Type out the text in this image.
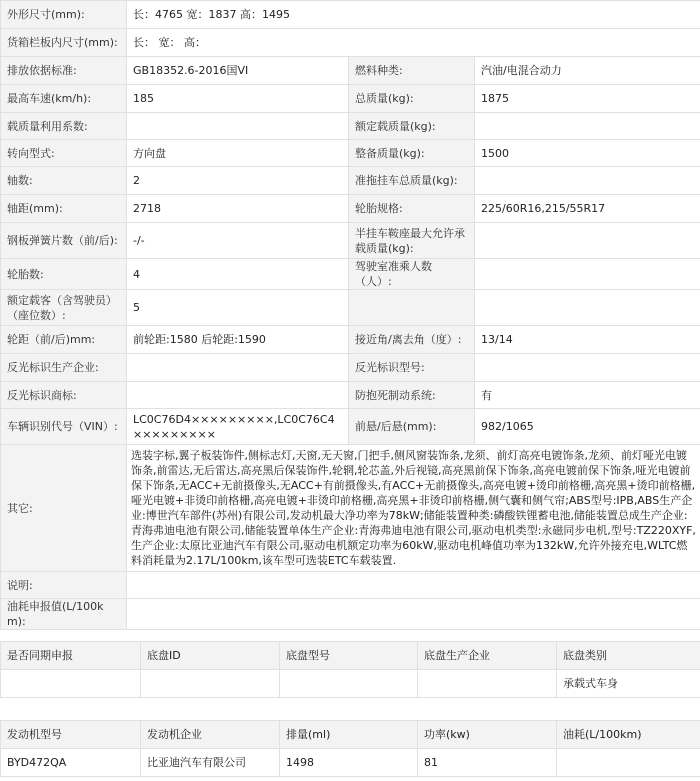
外形尺寸(mm):	长：4765 宽：1837 高：1495		
货箱栏板内尺寸(mm):	长： 宽： 高：		
排放依据标准:	GB18352.6-2016国VI	燃料种类:	汽油/电混合动力
最高车速(km/h):	185	总质量(kg):	1875
载质量利用系数:		额定载质量(kg):	
转向型式:	方向盘	整备质量(kg):	1500
轴数:	2	准拖挂车总质量(kg):	
轴距(mm):	2718	轮胎规格:	225/60R16,215/55R17
钢板弹簧片数（前/后):	-/-	半挂车鞍座最大允许承载质量(kg):	
轮胎数:	4	驾驶室准乘人数（人）:	
额定载客（含驾驶员）（座位数）:	5		
轮距（前/后)mm:	前轮距:1580 后轮距:1590	接近角/离去角（度）:	13/14
反光标识生产企业:		反光标识型号:	
反光标识商标:		防抱死制动系统:	有
车辆识别代号（VIN）:	LC0C76D4×××××××××,LC0C76C4×××××××××	前悬/后悬(mm):	982/1065
其它:	选装字标,翼子板装饰件,侧标志灯,天窗,无天窗,门把手,侧风窗装饰条,龙须、前灯高亮电镀饰条,龙须、前灯哑光电镀饰条,前雷达,无后雷达,高亮黑后保装饰件,轮辋,轮芯盖,外后视镜,高亮黑前保下饰条,高亮电镀前保下饰条,哑光电镀前保下饰条,无ACC+无前摄像头,无ACC+有前摄像头,有ACC+无前摄像头,高亮电镀+烫印前格栅,高亮黑+烫印前格栅,哑光电镀+非烫印前格栅,高亮电镀+非烫印前格栅,高亮黑+非烫印前格栅,侧气囊和侧气帘;ABS型号:IPB,ABS生产企业:博世汽车部件(苏州)有限公司,发动机最大净功率为78kW;储能装置种类:磷酸铁锂蓄电池,储能装置总成生产企业:青海弗迪电池有限公司,储能装置单体生产企业:青海弗迪电池有限公司,驱动电机类型:永磁同步电机,型号:TZ220XYF,生产企业:太原比亚迪汽车有限公司,驱动电机额定功率为60kW,驱动电机峰值功率为132kW,允许外接充电,WLTC燃料消耗量为2.17L/100km,该车型可选装ETC车载装置.		
说明:			
油耗申报值(L/100km):			
是否同期申报	底盘ID	底盘型号	底盘生产企业	底盘类别
				承载式车身
发动机型号	发动机企业	排量(ml)	功率(kw)	油耗(L/100km)
BYD472QA	比亚迪汽车有限公司	1498	81	
